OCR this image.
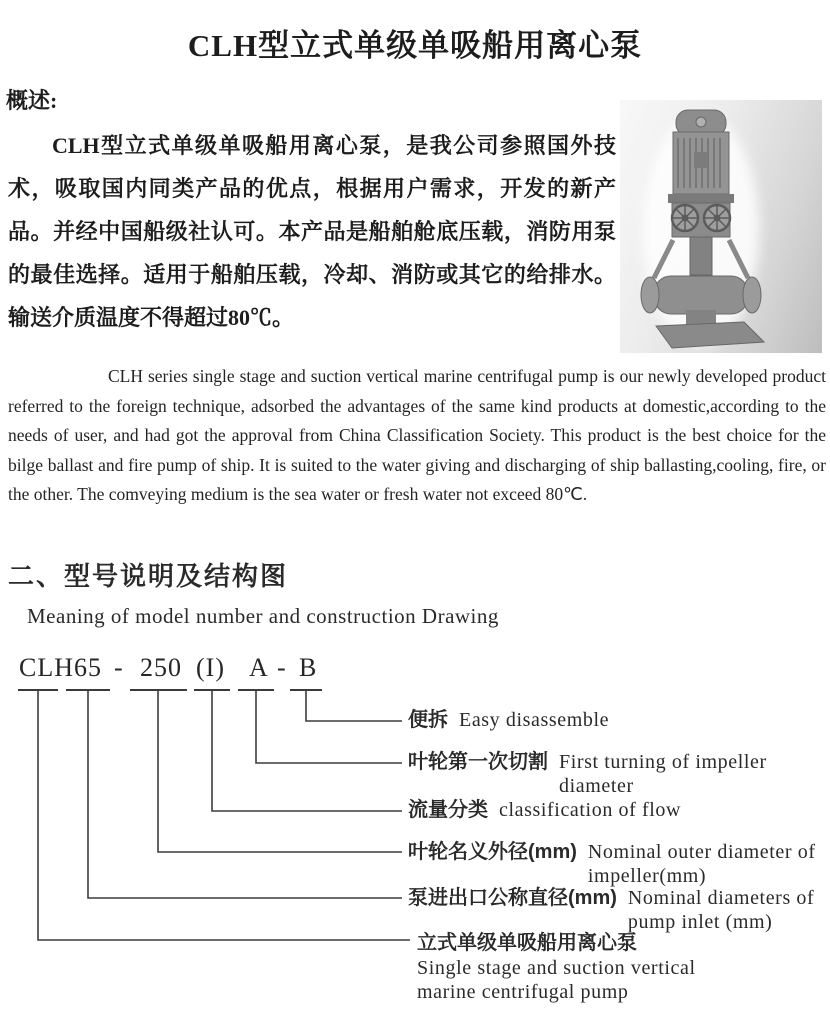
CLH型立式单级单吸船用离心泵
概述:
CLH型立式单级单吸船用离心泵，是我公司参照国外技术，吸取国内同类产品的优点，根据用户需求，开发的新产品。并经中国船级社认可。本产品是船舶舱底压载，消防用泵的最佳选择。适用于船舶压载，冷却、消防或其它的给排水。输送介质温度不得超过80℃。
CLH series single stage and suction vertical marine centrifugal pump is our newly developed product referred to the foreign technique, adsorbed the advantages of the same kind products at domestic,according to the needs of user, and had got the approval from China Classification Society. This product is the best choice for the bilge ballast and fire pump of ship. It is suited to the water giving and discharging of ship ballasting,cooling, fire, or the other. The comveying medium is the sea water or fresh water not exceed 80℃.
二、型号说明及结构图
Meaning of model number and construction Drawing
CLH 65 - 250 (I) A - B
便拆 Easy disassemble
叶轮第一次切割 First turning of impeller
diameter
流量分类 classification of flow
叶轮名义外径(mm) Nominal outer diameter of
impeller(mm)
泵进出口公称直径(mm) Nominal diameters of
pump inlet (mm)
立式单级单吸船用离心泵
Single stage and suction vertical
marine centrifugal pump
